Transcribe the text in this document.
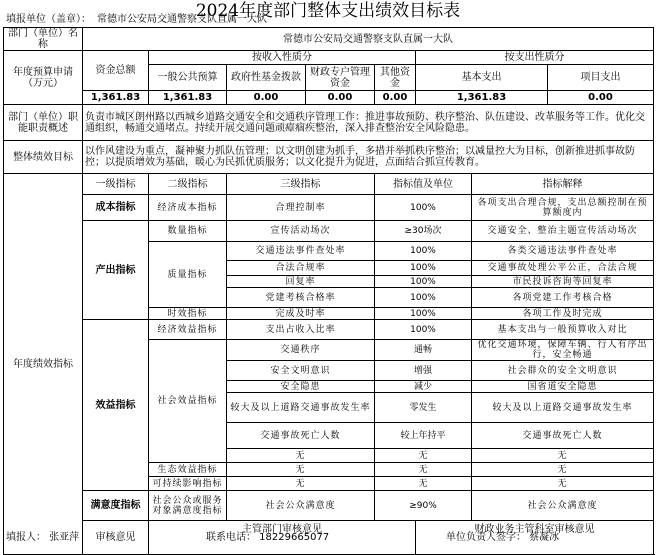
2024年度部门整体支出绩效目标表
填报单位（盖章）： 常德市公安局交通警察支队直属一大队
部门（单位）名称	常德市公安局交通警察支队直属一大队							
年度预算申请（万元）	资金总额	按收入性质分				按支出性质分		
		一般公共预算	政府性基金拨款	财政专户管理资金	其他资金	基本支出		项目支出

	1,361.83	1,361.83	0.00	0.00	0.00	1,361.83		0.00
部门（单位）职能职责概述	负责市城区朗州路以西城乡道路交通安全和交通秩序管理工作：推进事故预防、秩序整治、队伍建设、改革服务等工作。优化交通组织，畅通交通堵点。持续开展交通问题顽瘴痼疾整治，深入排查整治安全风险隐患。							
整体绩效目标	以作风建设为重点，凝神聚力抓队伍管理；以文明创建为抓手，多措并举抓秩序整治；以减量控大为目标，创新推进抓事故防控；以提质增效为基础，暖心为民抓优质服务；以文化提升为促进，点面结合抓宣传教育。							
年度绩效指标	一级指标	二级指标	三级指标		指标值及单位		指标解释	
	成本指标	经济成本指标	合理控制率		100%		各项支出合理合规，支出总额控制在预算额度内	
	产出指标	数量指标	宣传活动场次		≥30场次		交通安全、整治主题宣传活动场次	
		质量指标	交通违法事件查处率		100%		各类交通违法事件查处率	
			合法合规率		100%		交通事故处理公平公正，合法合规	
			回复率		100%		市民投诉咨询等回复率	
			党建考核合格率		100%		各项党建工作考核合格	
		时效指标	完成及时率		100%		各项工作及时完成	
	效益指标	经济效益指标	支出占收入比率		100%		基本支出与一般预算收入对比	
		社会效益指标	交通秩序		通畅		优化交通环境，保障车辆、行人有序出行，安全畅通	
			安全文明意识		增强		社会群众的安全文明意识	
			安全隐患		减少		国省道安全隐患	
			较大及以上道路交通事故发生率		零发生		较大及以上道路交通事故发生率	
			交通事故死亡人数		较上年持平		交通事故死亡人数	
			无		无		无	
		生态效益指标	无		无		无	
		可持续影响指标	无		无		无	
	满意度指标	社会公众或服务对象满意度指标	社会公众满意度		≥90%		社会公众满意度	
	审核意见	主管部门审核意见				财政业务主管科室审核意见		
填报人： 张亚萍	联系电话： 18229665077	单位负责人签字： 蔡凝冰
